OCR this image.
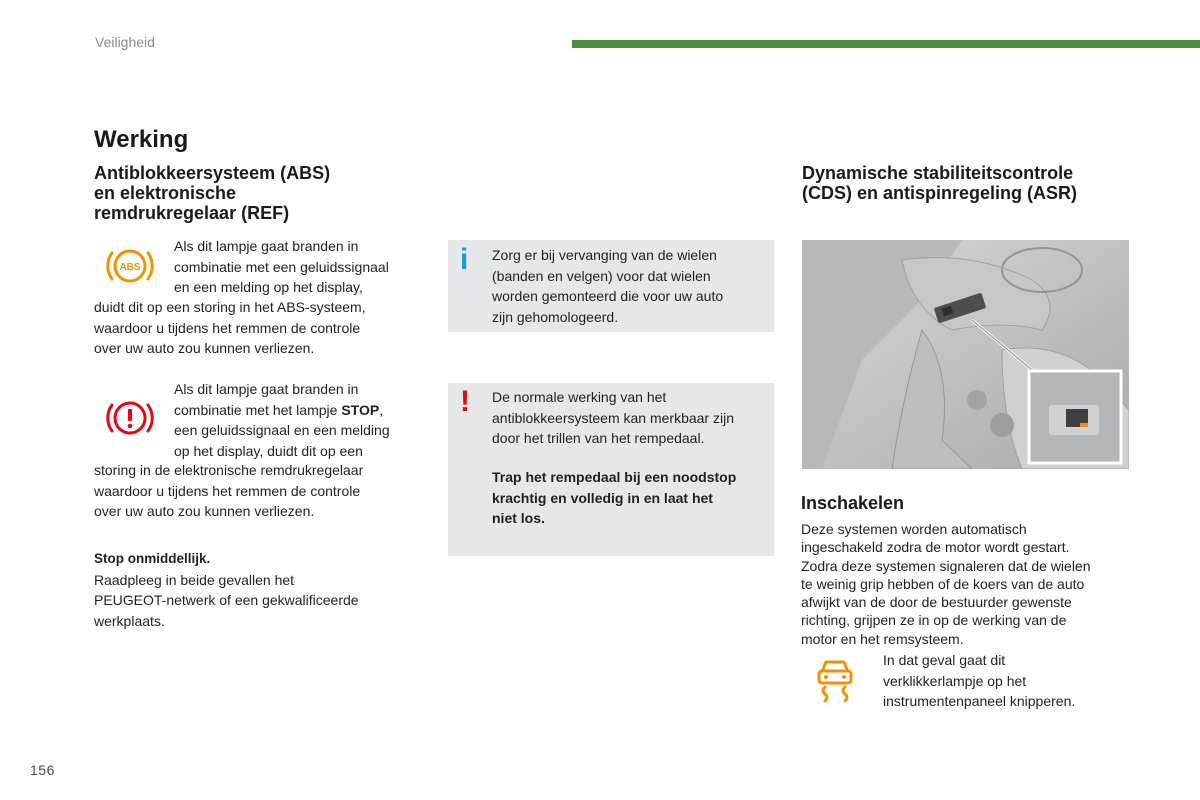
Veiligheid
Werking
Antiblokkeersysteem (ABS)
en elektronische
remdrukregelaar (REF)
ABS
Als dit lampje gaat branden in
combinatie met een geluidssignaal
en een melding op het display,
duidt dit op een storing in het ABS-systeem,
waardoor u tijdens het remmen de controle
over uw auto zou kunnen verliezen.
Als dit lampje gaat branden in
combinatie met het lampje STOP,
een geluidssignaal en een melding
op het display, duidt dit op een
storing in de elektronische remdrukregelaar
waardoor u tijdens het remmen de controle
over uw auto zou kunnen verliezen.
Stop onmiddellijk.
Raadpleeg in beide gevallen het
PEUGEOT-netwerk of een gekwalificeerde
werkplaats.
i	Zorg er bij vervanging van de wielen
(banden en velgen) voor dat wielen
worden gemonteerd die voor uw auto
zijn gehomologeerd.
! De normale werking van het
antiblokkeersysteem kan merkbaar zijn
door het trillen van het rempedaal.
Trap het rempedaal bij een noodstop
krachtig en volledig in en laat het
niet los.
Dynamische stabiliteitscontrole
(CDS) en antispinregeling (ASR)
Inschakelen
Deze systemen worden automatisch
ingeschakeld zodra de motor wordt gestart.
Zodra deze systemen signaleren dat de wielen
te weinig grip hebben of de koers van de auto
afwijkt van de door de bestuurder gewenste
richting, grijpen ze in op de werking van de
motor en het remsysteem.
In dat geval gaat dit
verklikkerlampje op het
instrumentenpaneel knipperen.
156
